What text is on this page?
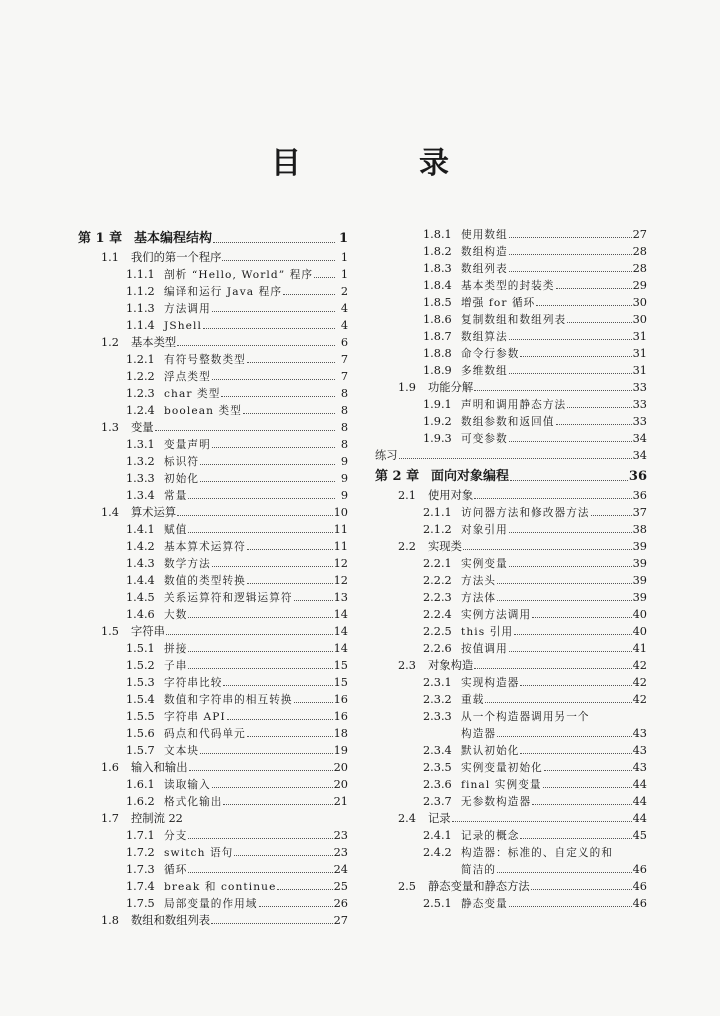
目　录
第 1 章 基本编程结构	1
1.1	我们的第一个程序	1
1.1.1 剖析 “Hello, World” 程序	1
1.1.2 编译和运行 Java 程序	2
1.1.3 方法调用	4
1.1.4 JShell	4
1.2	基本类型	6
1.2.1 有符号整数类型	7
1.2.2 浮点类型	7
1.2.3 char 类型	8
1.2.4 boolean 类型	8
1.3	变量	8
1.3.1 变量声明	8
1.3.2 标识符	9
1.3.3 初始化	9
1.3.4 常量	9
1.4	算术运算	10
1.4.1 赋值	11
1.4.2 基本算术运算符	11
1.4.3 数学方法	12
1.4.4 数值的类型转换	12
1.4.5 关系运算符和逻辑运算符	13
1.4.6 大数	14
1.5	字符串	14
1.5.1 拼接	14
1.5.2 子串	15
1.5.3 字符串比较	15
1.5.4 数值和字符串的相互转换	16
1.5.5 字符串 API	16
1.5.6 码点和代码单元	18
1.5.7 文本块	19
1.6	输入和输出	20
1.6.1 读取输入	20
1.6.2 格式化输出	21
1.7	控制流 22
1.7.1 分支	23
1.7.2 switch 语句	23
1.7.3 循环	24
1.7.4 break 和 continue	25
1.7.5 局部变量的作用域	26
1.8	数组和数组列表	27
1.8.1 使用数组	27
1.8.2 数组构造	28
1.8.3 数组列表	28
1.8.4 基本类型的封装类	29
1.8.5 增强 for 循环	30
1.8.6 复制数组和数组列表	30
1.8.7 数组算法	31
1.8.8 命令行参数	31
1.8.9 多维数组	31
1.9	功能分解	33
1.9.1 声明和调用静态方法	33
1.9.2 数组参数和返回值	33
1.9.3 可变参数	34
练习	34
第 2 章 面向对象编程	36
2.1	使用对象	36
2.1.1 访问器方法和修改器方法	37
2.1.2 对象引用	38
2.2	实现类	39
2.2.1 实例变量	39
2.2.2 方法头	39
2.2.3 方法体	39
2.2.4 实例方法调用	40
2.2.5 this 引用	40
2.2.6 按值调用	41
2.3	对象构造	42
2.3.1 实现构造器	42
2.3.2 重载	42
2.3.3 从一个构造器调用另一个
构造器	43
2.3.4 默认初始化	43
2.3.5 实例变量初始化	43
2.3.6 final 实例变量	44
2.3.7 无参数构造器	44
2.4	记录	44
2.4.1 记录的概念	45
2.4.2 构造器：标准的、自定义的和
简洁的	46
2.5	静态变量和静态方法	46
2.5.1 静态变量	46
